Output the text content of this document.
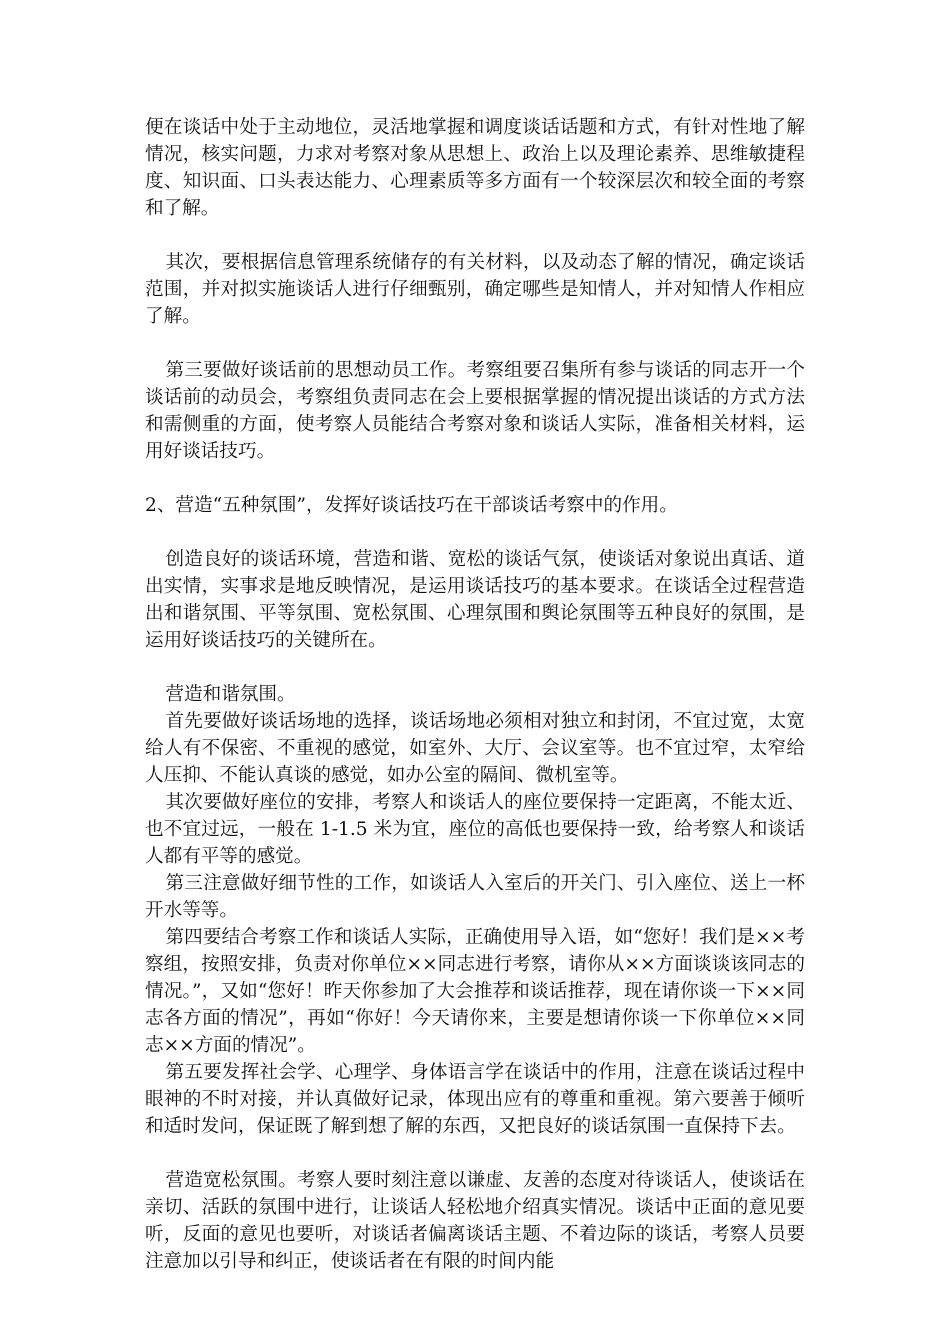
便在谈话中处于主动地位，灵活地掌握和调度谈话话题和方式，有针对性地了解情况，核实问题，力求对考察对象从思想上、政治上以及理论素养、思维敏捷程度、知识面、口头表达能力、心理素质等多方面有一个较深层次和较全面的考察和了解。

其次，要根据信息管理系统储存的有关材料，以及动态了解的情况，确定谈话范围，并对拟实施谈话人进行仔细甄别，确定哪些是知情人，并对知情人作相应了解。

第三要做好谈话前的思想动员工作。考察组要召集所有参与谈话的同志开一个谈话前的动员会，考察组负责同志在会上要根据掌握的情况提出谈话的方式方法和需侧重的方面，使考察人员能结合考察对象和谈话人实际，准备相关材料，运用好谈话技巧。

2、营造“五种氛围”，发挥好谈话技巧在干部谈话考察中的作用。

创造良好的谈话环境，营造和谐、宽松的谈话气氛，使谈话对象说出真话、道出实情，实事求是地反映情况，是运用谈话技巧的基本要求。在谈话全过程营造出和谐氛围、平等氛围、宽松氛围、心理氛围和舆论氛围等五种良好的氛围，是运用好谈话技巧的关键所在。

营造和谐氛围。

首先要做好谈话场地的选择，谈话场地必须相对独立和封闭，不宜过宽，太宽给人有不保密、不重视的感觉，如室外、大厅、会议室等。也不宜过窄，太窄给人压抑、不能认真谈的感觉，如办公室的隔间、微机室等。

其次要做好座位的安排，考察人和谈话人的座位要保持一定距离，不能太近、也不宜过远，一般在 1-1.5 米为宜，座位的高低也要保持一致，给考察人和谈话人都有平等的感觉。

第三注意做好细节性的工作，如谈话人入室后的开关门、引入座位、送上一杯开水等等。

第四要结合考察工作和谈话人实际，正确使用导入语，如“您好！我们是××考察组，按照安排，负责对你单位××同志进行考察，请你从××方面谈谈该同志的情况。”，又如“您好！昨天你参加了大会推荐和谈话推荐，现在请你谈一下××同志各方面的情况”，再如“你好！今天请你来，主要是想请你谈一下你单位××同志××方面的情况”。

第五要发挥社会学、心理学、身体语言学在谈话中的作用，注意在谈话过程中眼神的不时对接，并认真做好记录，体现出应有的尊重和重视。第六要善于倾听和适时发问，保证既了解到想了解的东西，又把良好的谈话氛围一直保持下去。

营造宽松氛围。考察人要时刻注意以谦虚、友善的态度对待谈话人，使谈话在亲切、活跃的氛围中进行，让谈话人轻松地介绍真实情况。谈话中正面的意见要听，反面的意见也要听，对谈话者偏离谈话主题、不着边际的谈话，考察人员要注意加以引导和纠正，使谈话者在有限的时间内能
